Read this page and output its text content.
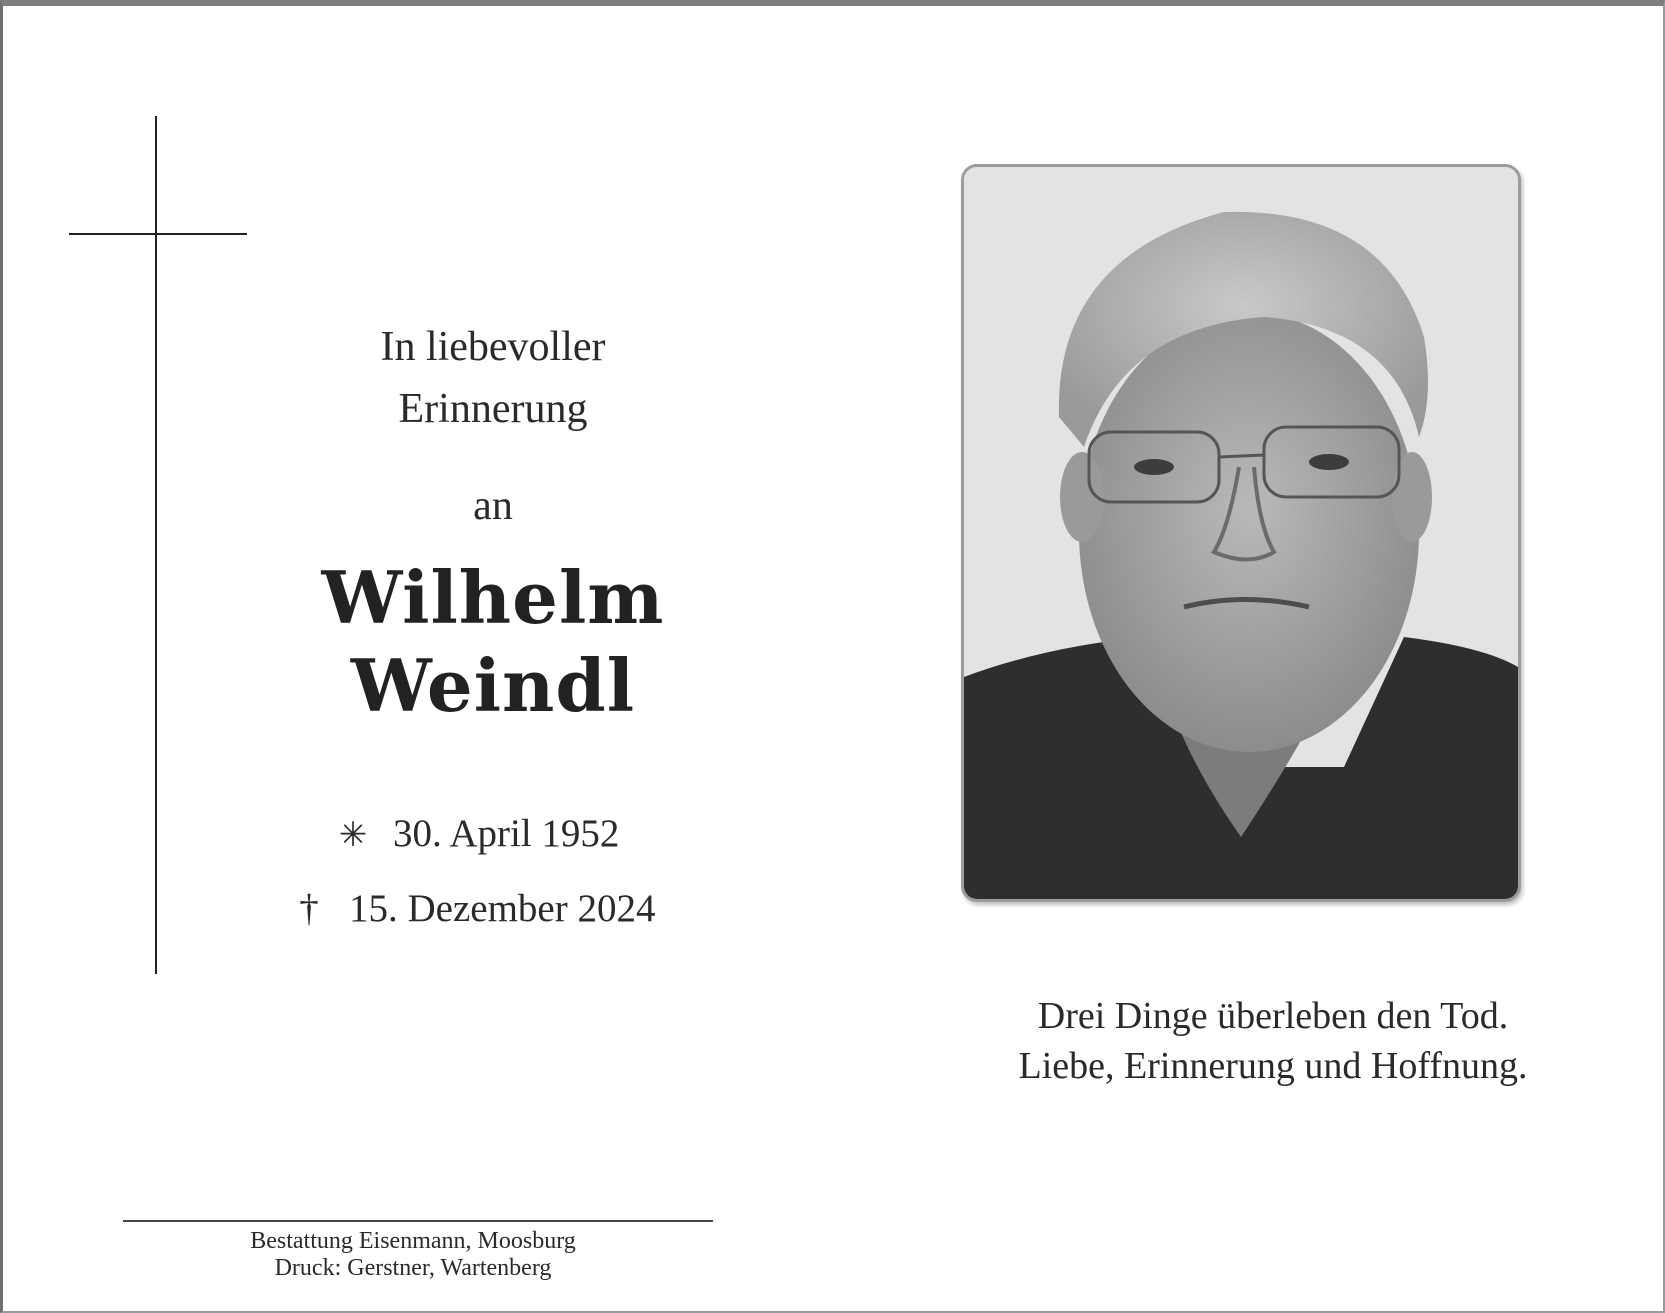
In liebevoller
Erinnerung
an
Wilhelm
Weindl
✳ 30. April 1952
† 15. Dezember 2024
Drei Dinge überleben den Tod.
Liebe, Erinnerung und Hoffnung.
Bestattung Eisenmann, Moosburg
Druck: Gerstner, Wartenberg
